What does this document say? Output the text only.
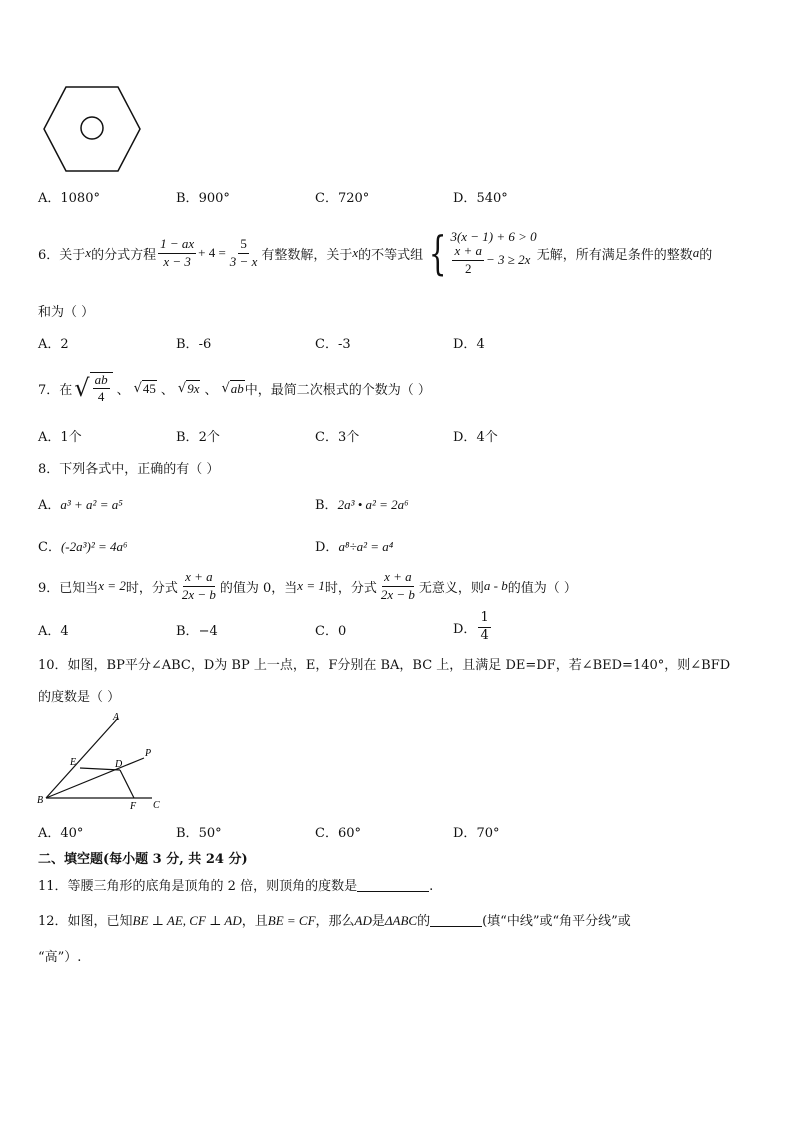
A．1080°	B．900°	C．720°	D．540°
6．关于 x 的分式方程 $\frac{1 - ax}{x - 3} + 4 = \frac{5}{3 - x}$ 有整数解，关于 x 的不等式组 { 3(x − 1) + 6 > 0
$\frac{x + a}{2} - 3 \ge 2x$ 无解，所有满足条件的整数 a 的
和为（ ）
A．2	B．-6	C．-3	D．4
7．在 √ $\frac{ab}{4}$ 、 √ 45 、 √ 9x 、 √ ab 中，最简二次根式的个数为（ ）
A．1个	B．2个	C．3个	D．4个
8．下列各式中，正确的有（ ）
A．a³ + a² = a⁵	B．2a³ • a² = 2a⁶
C．(-2a³)² = 4a⁶	D．a⁸÷a² = a⁴
9．已知当 x = 2 时，分式 $\frac{x + a}{2x - b}$ 的值为 0，当 x = 1 时，分式 $\frac{x + a}{2x - b}$ 无意义，则 a - b 的值为（ ）
A．4	B．−4	C．0	D． $\frac{1}{4}$
10．如图，BP平分∠ABC，D为 BP 上一点，E，F分别在 BA，BC 上，且满足 DE=DF，若∠BED=140°，则∠BFD
的度数是（ ）
A
P
E	D
B
F C
A．40°	B．50°	C．60°	D．70°
二、填空题(每小题 3 分, 共 24 分)
11．等腰三角形的底角是顶角的 2 倍，则顶角的度数是	.
12．如图，已知BE ⊥ AE, CF ⊥ AD，且BE = CF，那么AD是ΔABC的	(填“中线”或“角平分线”或
“高”）.
